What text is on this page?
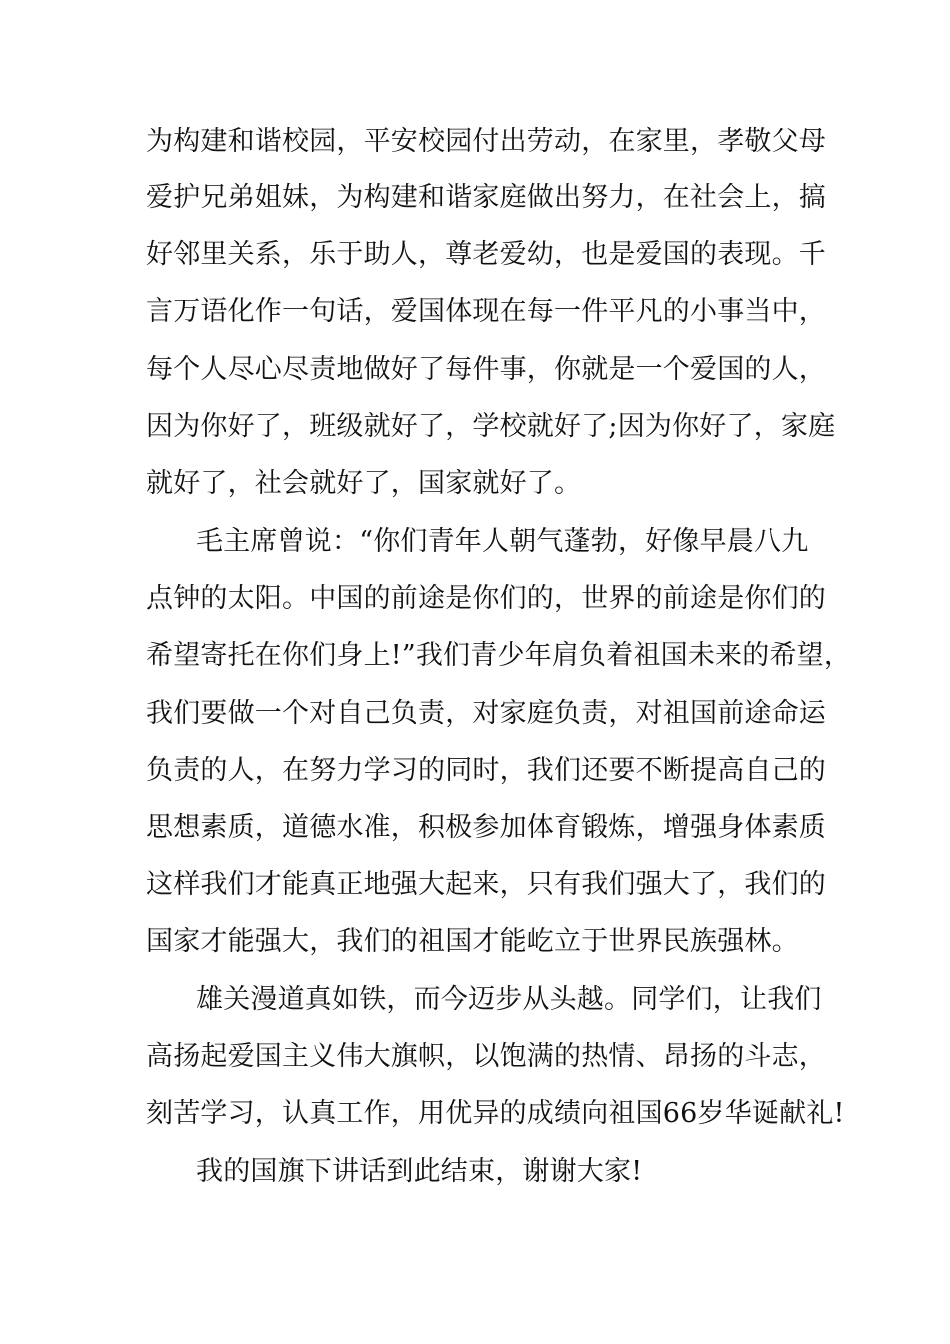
为构建和谐校园，平安校园付出劳动，在家里，孝敬父母
爱护兄弟姐妹，为构建和谐家庭做出努力，在社会上，搞
好邻里关系，乐于助人，尊老爱幼，也是爱国的表现。千
言万语化作一句话，爱国体现在每一件平凡的小事当中，
每个人尽心尽责地做好了每件事，你就是一个爱国的人，
因为你好了，班级就好了，学校就好了;因为你好了，家庭
就好了，社会就好了，国家就好了。
毛主席曾说：“你们青年人朝气蓬勃，好像早晨八九
点钟的太阳。中国的前途是你们的，世界的前途是你们的
希望寄托在你们身上!”我们青少年肩负着祖国未来的希望，
我们要做一个对自己负责，对家庭负责，对祖国前途命运
负责的人，在努力学习的同时，我们还要不断提高自己的
思想素质，道德水准，积极参加体育锻炼，增强身体素质
这样我们才能真正地强大起来，只有我们强大了，我们的
国家才能强大，我们的祖国才能屹立于世界民族强林。
雄关漫道真如铁，而今迈步从头越。同学们，让我们
高扬起爱国主义伟大旗帜，以饱满的热情、昂扬的斗志，
刻苦学习，认真工作，用优异的成绩向祖国66岁华诞献礼!
我的国旗下讲话到此结束，谢谢大家!
